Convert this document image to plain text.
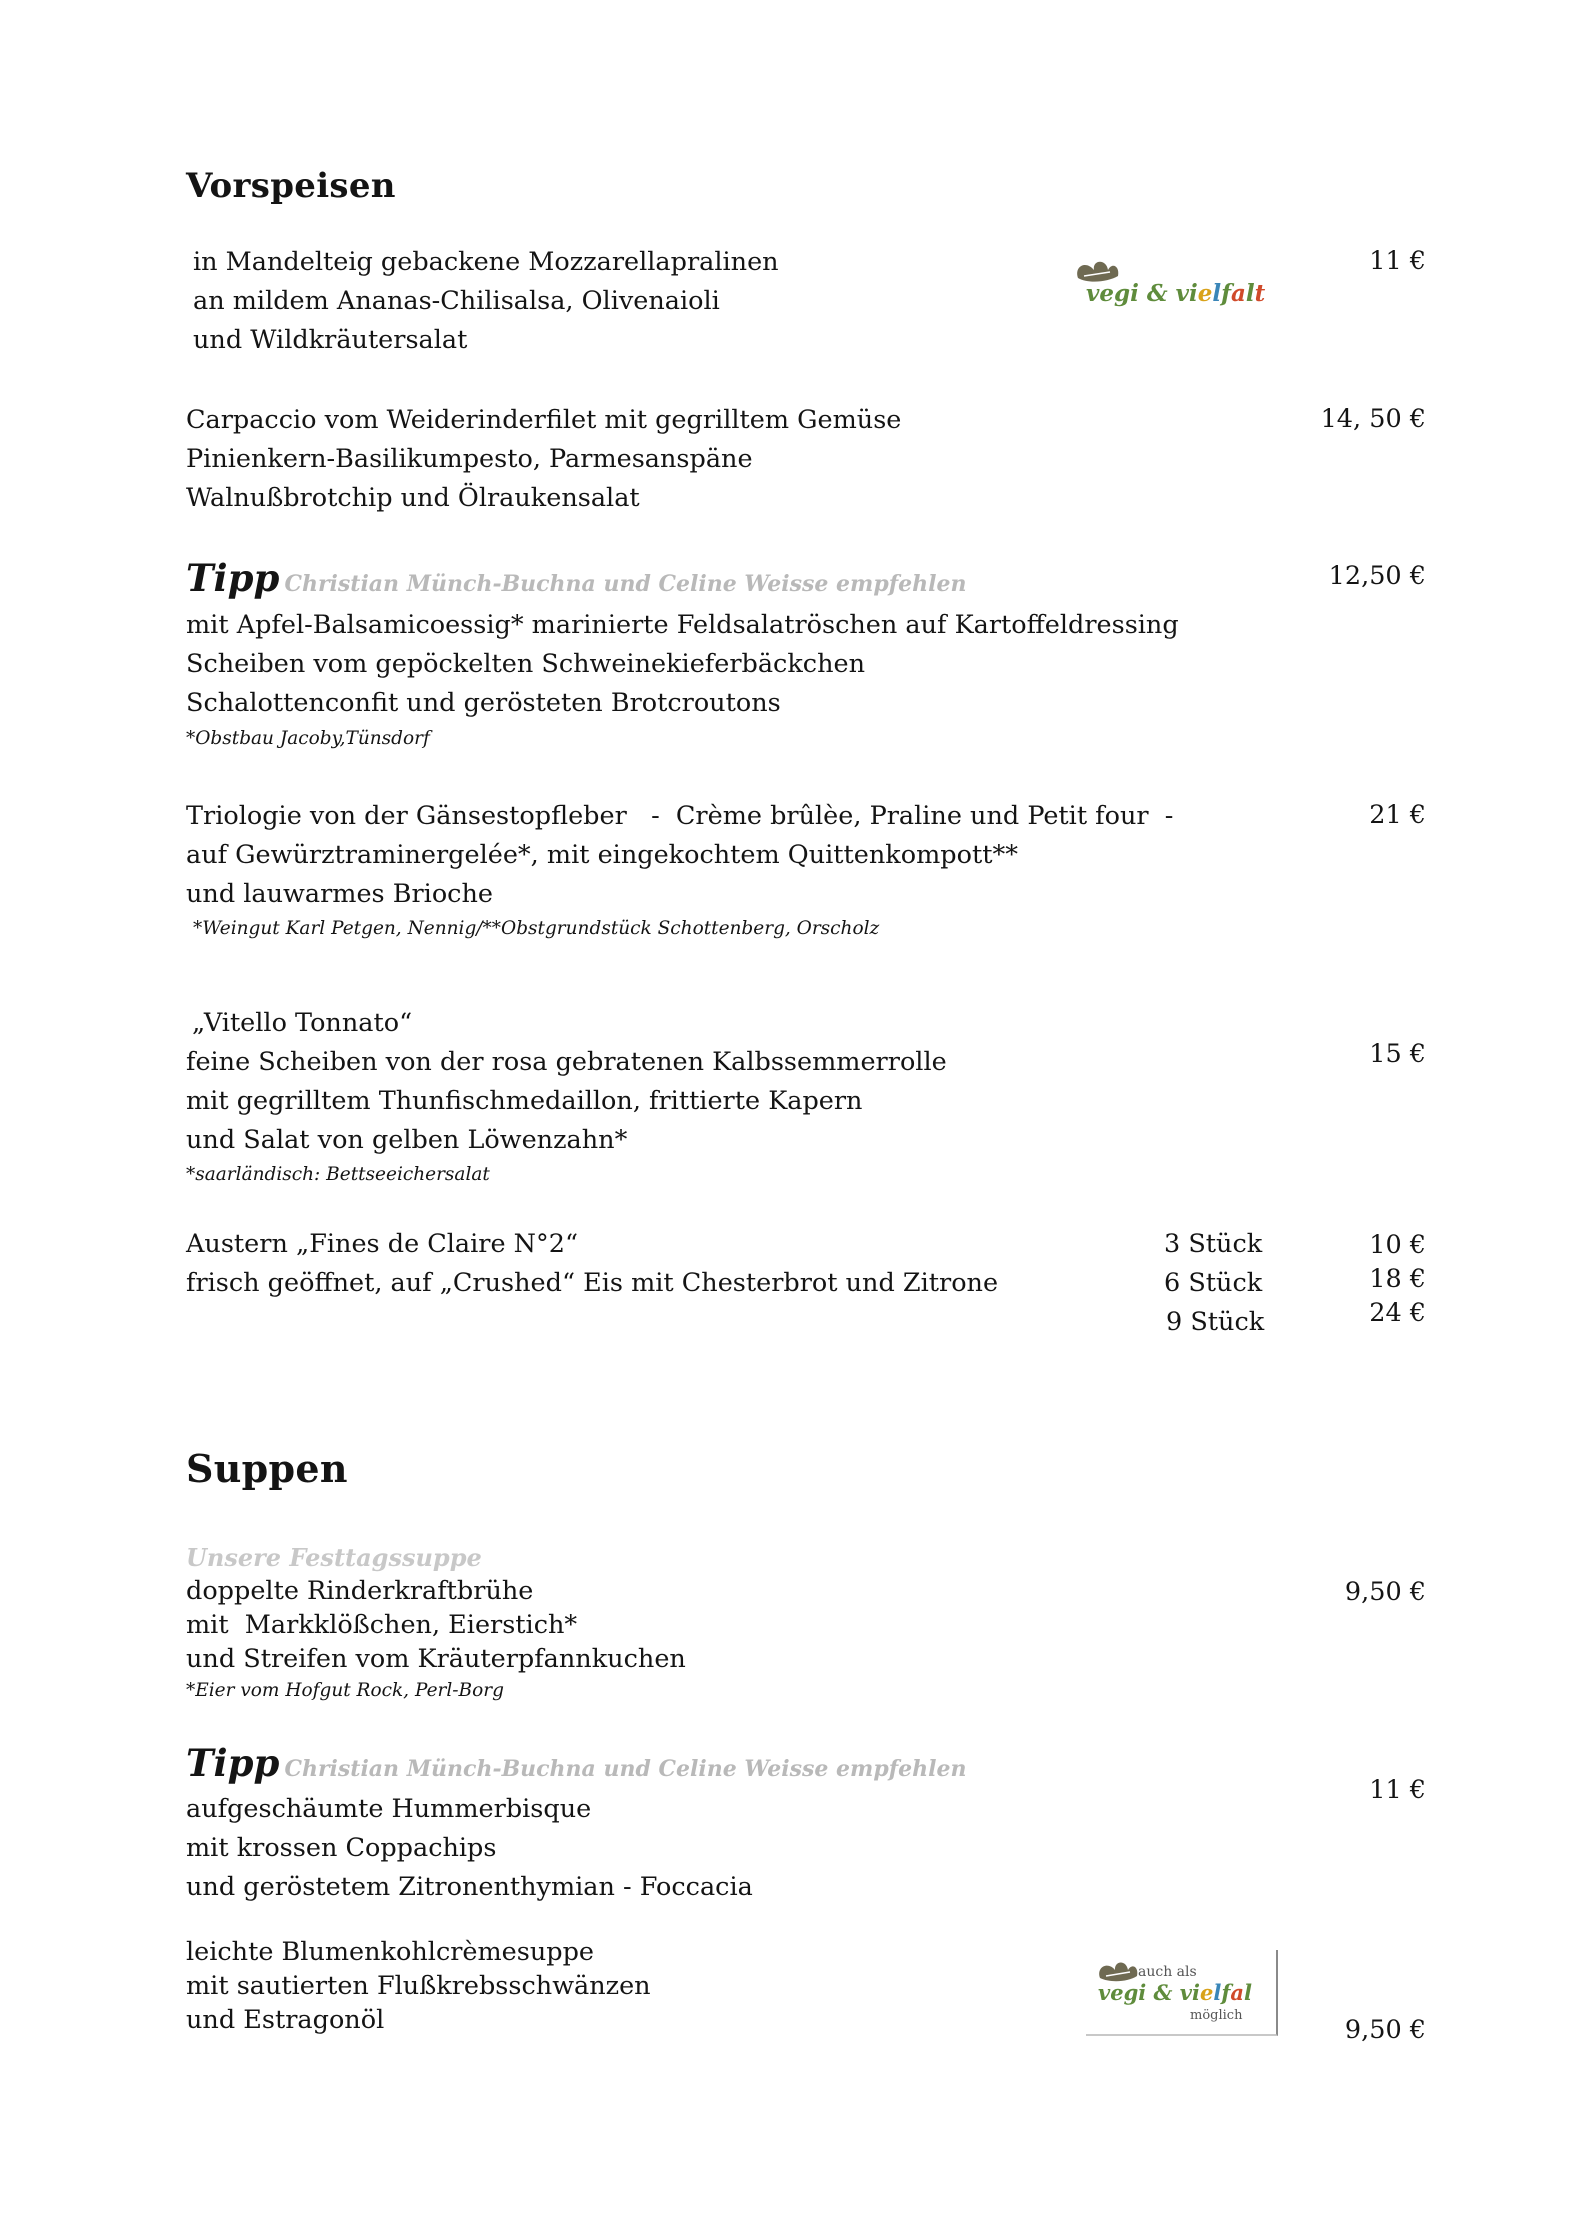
Vorspeisen
in Mandelteig gebackene Mozzarellapralinen
an mildem Ananas-Chilisalsa, Olivenaioli
und Wildkräutersalat
vegi & vielfalt
11 €
Carpaccio vom Weiderinderfilet mit gegrilltem Gemüse
Pinienkern-Basilikumpesto, Parmesanspäne
Walnußbrotchip und Ölraukensalat
14, 50 €
Tipp Christian Münch-Buchna und Celine Weisse empfehlen	12,50 €
mit Apfel-Balsamicoessig* marinierte Feldsalatröschen auf Kartoffeldressing
Scheiben vom gepöckelten Schweinekieferbäckchen
Schalottenconfit und gerösteten Brotcroutons
*Obstbau Jacoby,Tünsdorf
Triologie von der Gänsestopfleber   -  Crème brûlèe, Praline und Petit four  -
auf Gewürztraminergelée*, mit eingekochtem Quittenkompott**
und lauwarmes Brioche
21 €
*Weingut Karl Petgen, Nennig/**Obstgrundstück Schottenberg, Orscholz
„Vitello Tonnato“
feine Scheiben von der rosa gebratenen Kalbssemmerrolle
mit gegrilltem Thunfischmedaillon, frittierte Kapern
und Salat von gelben Löwenzahn*
15 €
*saarländisch: Bettseeichersalat
Austern „Fines de Claire N°2“
frisch geöffnet, auf „Crushed“ Eis mit Chesterbrot und Zitrone
3 Stück
6 Stück
9 Stück
10 €
18 €
24 €
Suppen
Unsere Festtagssuppe
doppelte Rinderkraftbrühe
mit  Markklößchen, Eierstich*
und Streifen vom Kräuterpfannkuchen
9,50 €
*Eier vom Hofgut Rock, Perl-Borg
Tipp Christian Münch-Buchna und Celine Weisse empfehlen
aufgeschäumte Hummerbisque
mit krossen Coppachips
und geröstetem Zitronenthymian - Foccacia
11 €
leichte Blumenkohlcrèmesuppe
mit sautierten Flußkrebsschwänzen
und Estragonöl
auch als
vegi & vielfal
möglich	9,50 €
